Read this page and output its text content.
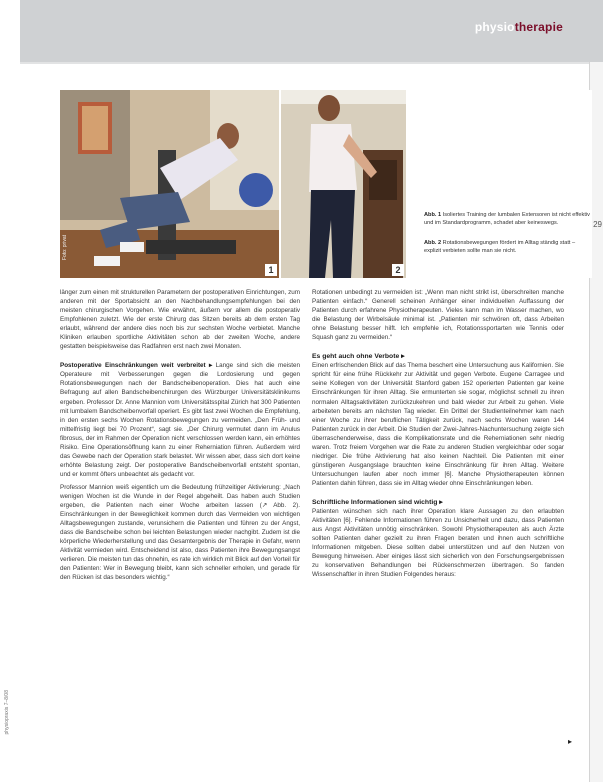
physiotherapie
29
Foto: privat
1	2
Abb. 1 Isoliertes Training der lumbalen Extensoren ist nicht effektiv und im Standardprogramm, schadet aber keineswegs.
Abb. 2 Rotationsbewegungen fördert im Alltag ständig statt – explizit verbieten sollte man sie nicht.

länger zum einen mit strukturellen Parametern der postoperativen Einrichtungen, zum anderen mit der Sportabsicht an den Nachbehandlungsempfehlungen bei den meisten chirurgischen Vorgehen. Wie erwähnt, äußern vor allem die postoperativ Empfohlenen zuletzt. Wie der erste Chirurg das Sitzen bereits ab dem ersten Tag erlaubt, während der andere dies noch bis zur sechsten Woche verbietet. Manche Kliniken erlauben sportliche Aktivitäten schon ab der zweiten Woche, andere gestatten beispielsweise das Radfahren erst nach zwei Monaten.

Postoperative Einschränkungen weit verbreitet ▸ Lange sind sich die meisten Operateure mit Verbesserungen gegen die Lordosierung und gegen Rotationsbewegungen nach der Bandscheibenoperation. Dies hat auch eine Befragung auf allen Bandscheibenchirurgen des Würzburger Universitätsklinikums ergeben. Professor Dr. Anne Mannion vom Universitätsspital Zürich hat 300 Patienten mit lumbalem Bandscheibenvorfall operiert. Es gibt fast zwei Wochen die Empfehlung, in den ersten sechs Wochen Rotationsbewegungen zu vermeiden. „Den Früh- und mittelfristig liegt bei 70 Prozent“, sagt sie. „Der Chirurg vermutet dann im Anulus fibrosus, der im Rahmen der Operation nicht verschlossen werden kann, ein erhöhtes Risiko. Eine Operationsöffnung kann zu einer Reherniation führen. Außerdem wird das Gewebe nach der Operation stark belastet. Wir wissen aber, dass sich dort keine erhöhte Belastung zeigt. Der postoperative Bandscheibenvorfall entsteht spontan, und er kommt öfters unbeachtet als gedacht vor.

Professor Mannion weiß eigentlich um die Bedeutung frühzeitiger Aktivierung: „Nach wenigen Wochen ist die Wunde in der Regel abgeheilt. Das haben auch Studien ergeben, die Patienten nach einer Woche arbeiten lassen (↗ Abb. 2). Einschränkungen in der Beweglichkeit kommen durch das Vermeiden von wichtigen Alltagsbewegungen zustande, verunsichern die Patienten und führen zu der Angst, dass die Bandscheibe schon bei leichten Belastungen wieder nachgibt. Zudem ist die körperliche Wiederherstellung und das Gesamtergebnis der Therapie in Gefahr, wenn Aktivität vermieden wird. Entscheidend ist also, dass Patienten ihre Bewegungsangst verlieren. Die meisten tun das ohnehin, es rate ich wirklich mit Blick auf den Vorteil für den Patienten: Wer in Bewegung bleibt, kann sich schneller erholen, und gerade für den Rücken ist das besonders wichtig.“

Rotationen unbedingt zu vermeiden ist: „Wenn man nicht strikt ist, überschreiten manche Patienten einfach.“ Generell scheinen Anhänger einer individuellen Auffassung der Patienten durch erfahrene Physiotherapeuten. Vieles kann man im Wasser machen, wo die Belastung der Wirbelsäule minimal ist. „Patienten mir schwören oft, dass Arbeiten ohne Belastung besser hilft. Ich empfehle ich, Rotationssportarten wie Tennis oder Squash ganz zu vermeiden.“

Es geht auch ohne Verbote ▸

Einen erfrischenden Blick auf das Thema beschert eine Untersuchung aus Kalifornien. Sie spricht für eine frühe Rückkehr zur Aktivität und gegen Verbote. Eugene Carragee und seine Kollegen von der Universität Stanford gaben 152 operierten Patienten gar keine Einschränkungen für ihren Alltag. Sie ermunterten sie sogar, möglichst schnell zu ihren normalen Alltagsaktivitäten zurückzukehren und bald wieder zur Arbeit zu gehen. Viele arbeiteten bereits am nächsten Tag wieder. Ein Drittel der Studienteilnehmer kam nach einer Woche zu ihrer beruflichen Tätigkeit zurück, nach sechs Wochen waren 144 Patienten zurück in der Arbeit. Die Studien der Zwei-Jahres-Nachuntersuchung zeigte sich überraschenderweise, dass die Komplikationsrate und die Reherniationen sehr niedrig waren. Trotz freiem Vorgehen war die Rate zu anderen Studien vergleichbar oder sogar niedriger. Die frühe Aktivierung hat also keinen Nachteil. Die Patienten mit einer günstigeren Ausgangslage brauchten keine Einschränkung für ihren Alltag. Weitere Untersuchungen laufen aber noch immer [6]. Manche Physiotherapeuten können Patienten dahin führen, dass sie im Alltag wieder ohne Einschränkungen leben.

Schriftliche Informationen sind wichtig ▸

Patienten wünschen sich nach ihrer Operation klare Aussagen zu den erlaubten Aktivitäten [6]. Fehlende Informationen führen zu Unsicherheit und dazu, dass Patienten aus Angst Aktivitäten unnötig einschränken. Sowohl Physiotherapeuten als auch Ärzte sollten Patienten daher gezielt zu ihren Fragen beraten und ihnen auch schriftliche Informationen mitgeben. Diese sollten dabei unterstützen und auf den Nutzen von Bewegung hinweisen. Aber einiges lässt sich sicherlich von den Forschungsergebnissen zu konservativen Behandlungen bei Rückenschmerzen übertragen. So fanden Wissenschaftler in ihren Studien Folgendes heraus:

▸
physiopraxis 7–8/08
